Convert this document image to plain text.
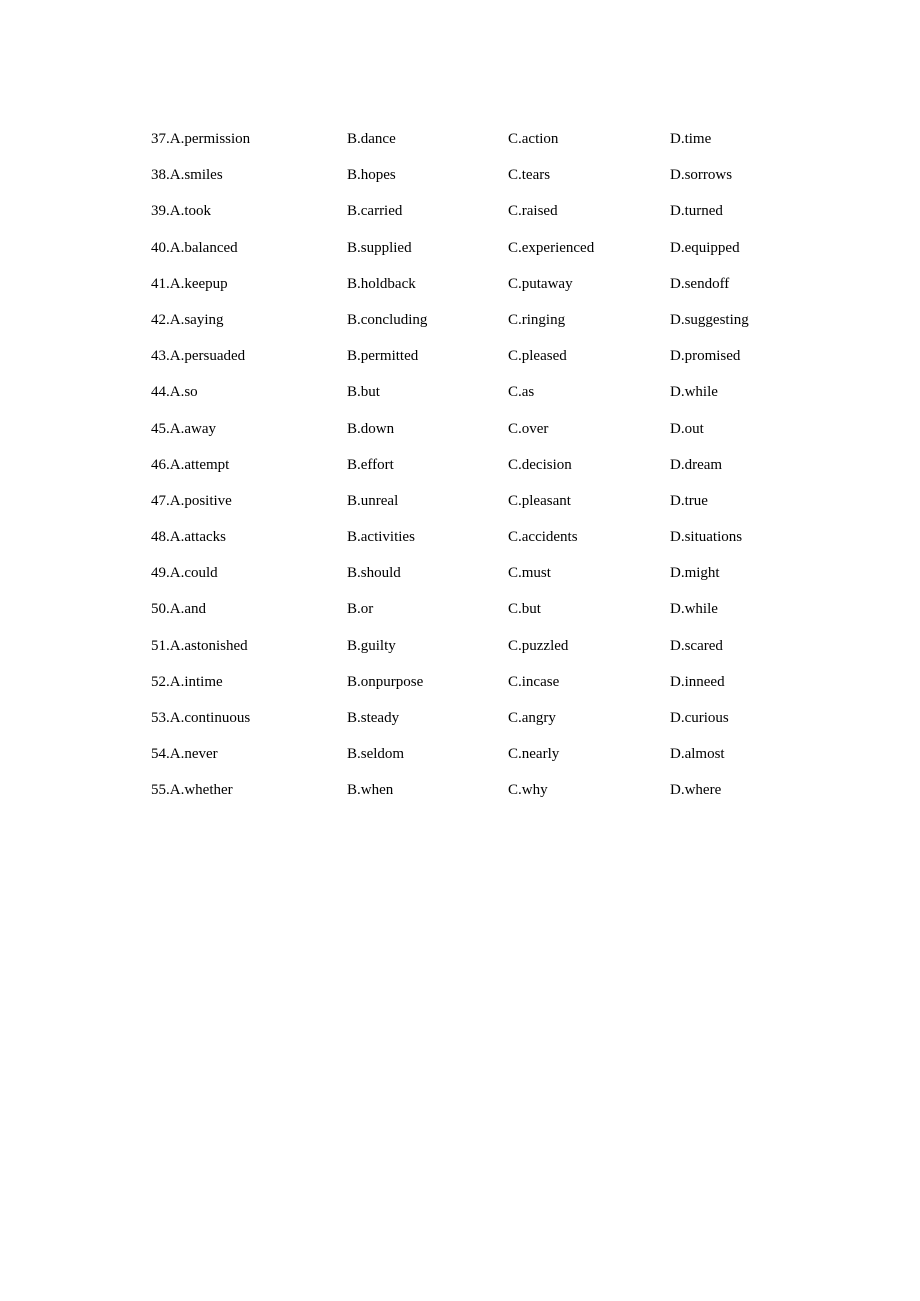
37.A.permission	B.dance	C.action	D.time
38.A.smiles	B.hopes	C.tears	D.sorrows
39.A.took	B.carried	C.raised	D.turned
40.A.balanced	B.supplied	C.experienced	D.equipped
41.A.keepup	B.holdback	C.putaway	D.sendoff
42.A.saying	B.concluding	C.ringing	D.suggesting
43.A.persuaded	B.permitted	C.pleased	D.promised
44.A.so	B.but	C.as	D.while
45.A.away	B.down	C.over	D.out
46.A.attempt	B.effort	C.decision	D.dream
47.A.positive	B.unreal	C.pleasant	D.true
48.A.attacks	B.activities	C.accidents	D.situations
49.A.could	B.should	C.must	D.might
50.A.and	B.or	C.but	D.while
51.A.astonished	B.guilty	C.puzzled	D.scared
52.A.intime	B.onpurpose	C.incase	D.inneed
53.A.continuous	B.steady	C.angry	D.curious
54.A.never	B.seldom	C.nearly	D.almost
55.A.whether	B.when	C.why	D.where
